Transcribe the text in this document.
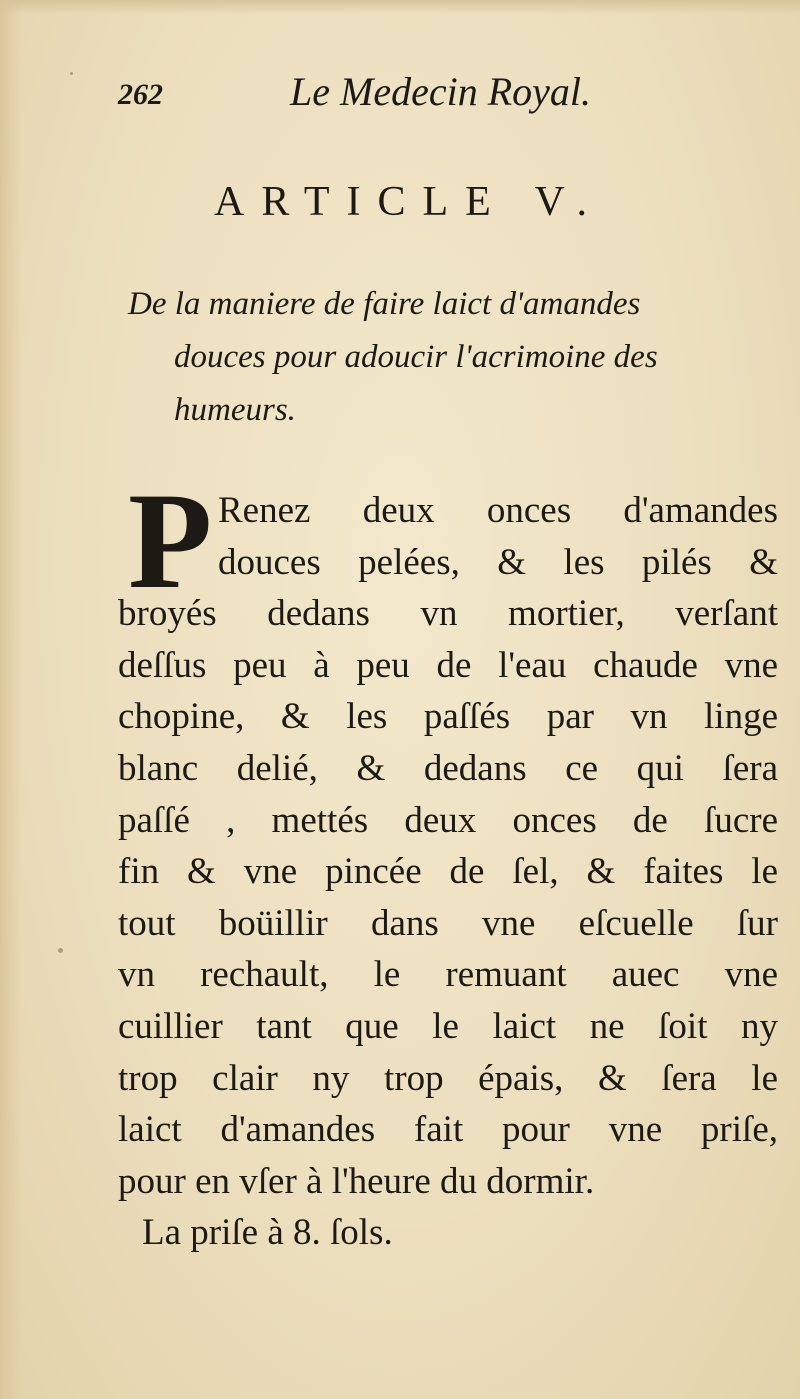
262	Le Medecin Royal.
ARTICLE V.
De la maniere de faire laict d'amandes
douces pour adoucir l'acrimoine des
humeurs.
P Renez deux onces d'amandes
douces pelées, & les pilés &
broyés dedans vn mortier, verſant
deſſus peu à peu de l'eau chaude vne
chopine, & les paſſés par vn linge
blanc delié, & dedans ce qui ſera
paſſé , mettés deux onces de ſucre
fin & vne pincée de ſel, & faites le
tout boüillir dans vne eſcuelle ſur
vn rechault, le remuant auec vne
cuillier tant que le laict ne ſoit ny
trop clair ny trop épais, & ſera le
laict d'amandes fait pour vne priſe,
pour en vſer à l'heure du dormir.
La priſe à 8. ſols.
